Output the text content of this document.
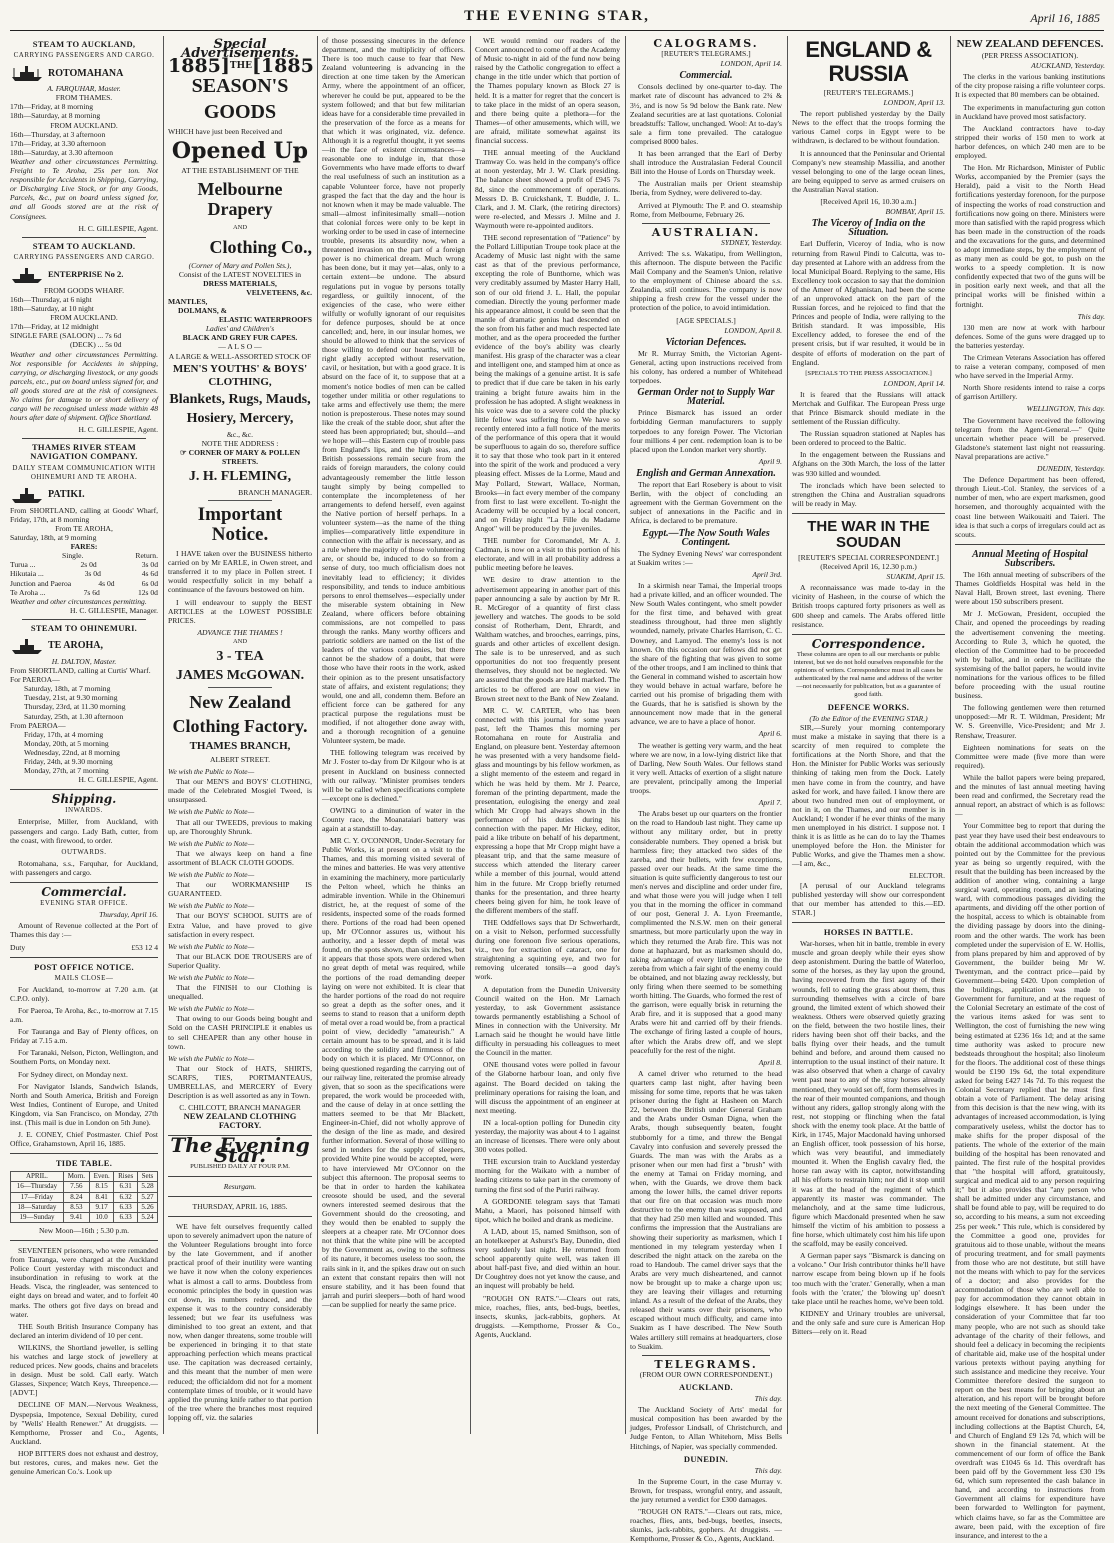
THE EVENING STAR,	April 16, 1885
STEAM TO AUCKLAND,
CARRYING PASSENGERS AND CARGO.
ROTOMAHANA
A. FARQUHAR, Master.
FROM THAMES.
17th—Friday, at 8 morning
18th—Saturday, at 8 morning
FROM AUCKLAND.
16th—Thursday, at 3 afternoon
17th—Friday, at 3.30 afternoon
18th—Saturday, at 3.30 afternoon

Weather and other circumstances Permitting. Freight to Te Aroha, 25s per ton. Not responsible for Accidents in Shipping, Carrying, or Discharging Live Stock, or for any Goods, Parcels, &c., put on board unless signed for, and all Goods stored are at the risk of Consignees.

H. C. GILLESPIE, Agent.
STEAM TO AUCKLAND.
CARRYING PASSENGERS AND CARGO.
ENTERPRISE No 2.
FROM GOODS WHARF.
16th—Thursday, at 6 night
18th—Saturday, at 10 night
FROM AUCKLAND.
17th—Friday, at 12 midnight
SINGLE FARE (SALOON) ... 7s 6d
(DECK) ... 5s 0d

Weather and other circumstances Permitting. Not responsible for Accidents in shipping, carrying, or discharging livestock, or any goods parcels, etc., put on board unless signed for, and all goods stored are at the risk of consignees. No claims for damage to or short delivery of cargo will be recognised unless made within 48 hours after date of shipment. Office Shortland.

H. C. GILLESPIE, Agent.
THAMES RIVER STEAM NAVIGATION COMPANY.
DAILY STEAM COMMUNICATION WITH OHINEMURI AND TE AROHA.
PATIKI.
From SHORTLAND, calling at Goods' Wharf, Friday, 17th, at 8 morning
From TE AROHA,
Saturday, 18th, at 9 morning
FARES:
Single.	Return.
Turua ...	2s 0d	3s 0d
Hikutaia ...	3s 0d	4s 6d
Junction and Paeroa	4s 0d	6s 0d
Te Aroha ...	7s 6d	12s 0d
Weather and other circumstances permitting.
H. C. GILLESPIE, Manager.
STEAM TO OHINEMURI.
TE AROHA,
H. DALTON, Master.
From SHORTLAND, calling at Curtis' Wharf.
For PAEROA—
Saturday, 18th, at 7 morning
Tuesday, 21st, at 9.30 morning
Thursday, 23rd, at 11.30 morning
Saturday, 25th, at 1.30 afternoon
From PAEROA—
Friday, 17th, at 4 morning
Monday, 20th, at 5 morning
Wednesday, 22nd, at 8 morning
Friday, 24th, at 9.30 morning
Monday, 27th, at 7 morning
H. C. GILLESPIE, Agent.
Shipping.
INWARDS.

Enterprise, Miller, from Auckland, with passengers and cargo. Lady Bath, cutter, from the coast, with firewood, to order.

OUTWARDS.

Rotomahana, s.s., Farquhar, for Auckland, with passengers and cargo.

Commercial.
EVENING STAR OFFICE.
Thursday, April 16.

Amount of Revenue collected at the Port of Thames this day :—

Duty	£53 12 4
POST OFFICE NOTICE.
MAILS CLOSE—

For Auckland, to-morrow at 7.20 a.m. (at C.P.O. only).

For Paeroa, Te Aroha, &c., to-morrow at 7.15 a.m.

For Tauranga and Bay of Plenty offices, on Friday at 7.15 a.m.

For Taranaki, Nelson, Picton, Wellington, and Southern Ports, on Monday next.

For Sydney direct, on Monday next.

For Navigator Islands, Sandwich Islands, North and South America, British and Foreign West Indies, Continent of Europe, and United Kingdom, via San Francisco, on Monday, 27th inst. (This mail is due in London on 5th June).

J. E. CONEY, Chief Postmaster. Chief Post Office, Grahamstown, April 16, 1885.

TIDE TABLE.
APRIL.	Morn.	Even.	Rises	Sets
16—Thursday	7.56	8.15	6.31	5.28
17—Friday	8.24	8.41	6.32	5.27
18—Saturday	8.53	9.17	6.33	5.26
19—Sunday	9.41	10.0	6.33	5.24
New Moon—16th ; 5.30 p.m.

SEVENTEEN prisoners, who were remanded from Tauranga, were charged at the Auckland Police Court yesterday with misconduct and insubordination in refusing to work at the Heads. Visca, the ringleader, was sentenced to eight days on bread and water, and to forfeit 40 marks. The others got five days on bread and water.

THE South British Insurance Company has declared an interim dividend of 10 per cent.

WILKINS, the Shortland jeweller, is selling his watches and large stock of jewellery at reduced prices. New goods, chains and bracelets in design. Must be sold. Call early. Watch Glasses, Sixpence; Watch Keys, Threepence.—[ADVT.]

DECLINE OF MAN.—Nervous Weakness, Dyspepsia, Impotence, Sexual Debility, cured by "Wells' Health Renewer." At druggists. —Kempthorne, Prosser and Co., Agents, Auckland.

HOP BITTERS does not exhaust and destroy, but restores, cures, and makes new. Get the genuine American Co.'s. Look up

Special Advertisements.
1885] THE [1885
SEASON'S GOODS
WHICH have just been Received and
Opened Up
AT THE ESTABLISHMENT OF THE
Melbourne Drapery
AND
Clothing Co.,
(Corner of Mary and Pollen Sts.),
Consist of the LATEST NOVELTIES in
DRESS MATERIALS,
VELVETEENS, &c.
MANTLES,
DOLMANS, &
ELASTIC WATERPROOFS
Ladies' and Children's
BLACK AND GREY FUR CAPES.
— A L S O —
A LARGE & WELL-ASSORTED STOCK OF
MEN'S YOUTHS' & BOYS' CLOTHING,
Blankets, Rugs, Mauds,
Hosiery, Mercery,
&c., &c.
NOTE THE ADDRESS :
☞ CORNER OF MARY & POLLEN STREETS.
J. H. FLEMING,
BRANCH MANAGER.
Important Notice.

I HAVE taken over the BUSINESS hitherto carried on by Mr EARLE, in Owen street, and transferred it to my place in Pollen street. I would respectfully solicit in my behalf a continuance of the favours bestowed on him.

I will endeavour to supply the BEST ARTICLES at the LOWEST POSSIBLE PRICES.

ADVANCE THE THAMES !
AND
3 - TEA
JAMES McGOWAN.
New Zealand
Clothing Factory.
THAMES BRANCH,
ALBERT STREET.
We wish the Public to Note—

That our MEN'S and BOYS' CLOTHING, made of the Celebrated Mosgiel Tweed, is unsurpassed.

We wish the Public to Note—

That all our TWEEDS, previous to making up, are Thoroughly Shrunk.

We wish the Public to Note—

That we always keep on hand a fine assortment of BLACK CLOTH GOODS.

We wish the Public to Note—

That our WORKMANSHIP IS GUARANTEED.

We wish the Public to Note—

That our BOYS' SCHOOL SUITS are of Extra Value, and have proved to give satisfaction in every respect.

We wish the Public to Note—

That our BLACK DOE TROUSERS are of Superior Quality.

We wish the Public to Note—

That the FINISH to our Clothing is unequalled.

We wish the Public to Note—

That owing to our Goods being bought and Sold on the CASH PRINCIPLE it enables us to sell CHEAPER than any other house in town.

We wish the Public to Note—

That our Stock of HATS, SHIRTS, SCARFS, TIES, PORTMANTEAUS, UMBRELLAS, and MERCERY of Every Description is as well assorted as any in Town.

C. CHILCOTT, BRANCH MANAGER
NEW ZEALAND CLOTHING FACTORY.
The Evening Star.
PUBLISHED DAILY AT FOUR P.M.
Resurgam.
THURSDAY, APRIL 16, 1885.

WE have felt ourselves frequently called upon to severely animadvert upon the nature of the Volunteer Regulations brought into force by the late Government, and if another practical proof of their inutility were wanting we have it now when the colony experiences what is almost a call to arms. Doubtless from economic principles the body in question was cut down, its numbers reduced, and the expense it was to the country considerably lessened; but we fear its usefulness was diminished to too great an extent, and that now, when danger threatens, some trouble will be experienced in bringing it to that state approaching perfection which means practical use. The capitation was decreased certainly, and this meant that the number of men were reduced; the officialdom did not for a moment contemplate times of trouble, or it would have applied the pruning knife rather to that portion of the tree where the branches most required lopping off, viz. the salaries

of those possessing sinecures in the defence department, and the multiplicity of officers. There is too much cause to fear that New Zealand volunteering is advancing in the direction at one time taken by the American Army, where the appointment of an officer, wherever he could be put, appeared to be the system followed; and that but few militarian ideas have for a considerable time prevailed in the preservation of the force as a means for that which it was originated, viz. defence. Although it is a regretful thought, it yet seems—in the face of existent circumstances—a reasonable one to indulge in, that those Governments who have made efforts to dwarf the real usefulness of such an institution as a capable Volunteer force, have not properly grasped the fact that the day and the hour is not known when it may be made valuable. The small—almost infinitesimally small—notion that colonial forces were only to be kept in working order to be used in case of internecine trouble, presents its absurdity now, when a threatened invasion on the part of a foreign power is no chimerical dream. Much wrong has been done, but it may yet—alas, only to a certain extent—be undone. The absurd regulations put in vogue by persons totally regardless, or guiltily innocent, of the exigencies of the case, who were either wilfully or wofully ignorant of our requisites for defence purposes, should be at once cancelled; and, here, in our insular homes, we should be allowed to think that the services of those willing to defend our hearths, will be right gladly accepted without reservation, cavil, or hesitation, but with a good grace. It is absurd on the face of it, to suppose that at a moment's notice bodies of men can be called together under militia or other regulations to take arms and effectively use them; the mere notion is preposterous. These notes may sound like the creak of the stable door, shut after the steed has been appropriated; but, should—and we hope will—this Eastern cup of trouble pass from England's lips, and the high seas, and British possessions remain secure from the raids of foreign marauders, the colony could advantageously remember the little lesson taught simply by being compelled to contemplate the incompleteness of her arrangements to defend herself, even against the Native portion of herself perhaps. In a volunteer system—as the name of the thing implies—comparatively little expenditure in connection with the affair is necessary, and as a rule where the majority of those volunteering are, or should be, induced to do so from a sense of duty, too much officialism does not inevitably lead to efficiency; it divides responsibility, and tends to induce ambitious persons to enrol themselves—especially under the miserable system obtaining in New Zealand, where officers before obtaining commissions, are not compelled to pass through the ranks. Many worthy officers and patriotic soldiers are named on the list of the leaders of the various companies, but there cannot be the shadow of a doubt, that were those who have their roots in the work, asked their opinion as to the present unsatisfactory state of affairs, and existent regulations; they would, one and all, condemn them. Before an efficient force can be gathered for any practical purpose the regulations must be modified, if not altogether done away with, and a thorough recognition of a genuine Volunteer system, be made.

THE following telegram was received by Mr J. Foster to-day from Dr Kilgour who is at present in Auckland on business connected with our railway. "Minister promises tenders will be be called when specifications complete—except one is declined."

OWING to a diminution of water in the County race, the Moanataiari battery was again at a standstill to-day.

MR C. Y. O'CONNOR, Under-Secretary for Public Works, is at present on a visit to the Thames, and this morning visited several of the mines and batteries. He was very attentive in examining the machinery, more particularly the Pelton wheel, which he thinks an admirable invention. While in the Ohinemuri district, he, at the request of some of the residents, inspected some of the roads formed there. Portions of the road had been opened up, Mr O'Connor assures us, without his authority, and a lesser depth of metal was found, on the spots shown, than six inches, but it appears that those spots were ordered when no great depth of metal was required, while the portions of the road demanding deeper laying on were not exhibited. It is clear that the harder portions of the road do not require so great a depth as the softer ones, and it seems to stand to reason that a uniform depth of metal over a road would be, from a practical point of view, decidedly "amateurish." A certain amount has to be spread, and it is laid according to the solidity and firmness of the body on which it is placed. Mr O'Connor, on being questioned regarding the carrying out of our railway line, reiterated the promise already given, that so soon as the specifications were prepared, the work would be proceeded with, and the cause of delay in at once settling the matters seemed to be that Mr Blackett, Engineer-in-Chief, did not wholly approve of the design of the line as made, and desired further information. Several of those willing to send in tenders for the supply of sleepers, provided White pine would be accepted, were to have interviewed Mr O'Connor on the subject this afternoon. The proposal seems to be that in order to harden the kahikatea creosote should be used, and the several owners interested seemed desirous that the Government should do the creosoting, and they would then be enabled to supply the sleepers at a cheaper rate. Mr O'Connor does not think that the white pine will be accepted by the Government as, owing to the softness of its nature, it becomes useless too soon, the rails sink in it, and the spikes draw out on such an extent that constant repairs then will not ensure stability, and it has been found that jarrah and puriri sleepers—both of hard wood—can be supplied for nearly the same price.

WE would remind our readers of the Concert announced to come off at the Academy of Music to-night in aid of the fund now being raised by the Catholic congregation to effect a change in the title under which that portion of the Thames populary known as Block 27 is held. It is a matter for regret that the concert is to take place in the midst of an opera season, and there being quite a plethora—for the Thames—of other amusements, which will, we are afraid, militate somewhat against its financial success.

THE annual meeting of the Auckland Tramway Co. was held in the company's office at noon yesterday, Mr J. W. Clark presiding. The balance sheet showed a profit of £945 7s 8d, since the commencement of operations. Messrs D. B. Cruickshank, T. Buddle, J. L. Clark, and J. M. Clark, (the retiring directors) were re-elected, and Messrs J. Milne and J. Waymouth were re-appointed auditors.

THE second representation of "Patience" by the Pollard Lilliputian Troupe took place at the Academy of Music last night with the same cast as that of the previous performance, excepting the role of Bunthorne, which was very creditably assumed by Master Harry Hall, son of our old friend J. L. Hall, the popular comedian. Directly the young performer made his appearance almost, it could be seen that the mantle of dramatic genius had descended on the son from his father and much respected late mother, and as the opera proceeded the further evidence of the boy's ability was clearly manifest. His grasp of the character was a clear and intelligent one, and stamped him at once as being the makings of a genuine artist. It is safe to predict that if due care be taken in his early training a bright future awaits him in the profession he has adopted. A slight weakness in his voice was due to a severe cold the plucky little fellow was suffering from. We have so recently entered into a full notice of the merits of the performance of this opera that it would be superfluous to again do so, therefore suffice it to say that those who took part in it entered into the spirit of the work and produced a very pleasing effect. Misses de la Lorme, Maud and May Pollard, Stewart, Wallace, Norman, Brooks—in fact every member of the company from first to last were excellent. To-night the Academy will be occupied by a local concert, and on Friday night "La Fille du Madame Angot" will be produced by the juveniles.

THE number for Coromandel, Mr A. J. Cadman, is now on a visit to this portion of his electorate, and will in all probability address a public meeting before he leaves.

WE desire to draw attention to the advertisement appearing in another part of this paper announcing a sale by auction by Mr R. R. McGregor of a quantity of first class jewellery and watches. The goods to be sold consist of Rotherham, Dent, Ehrardt, and Waltham watches, and brooches, earrings, pins, guards and other articles of excellent design. The sale is to be unreserved, and as such opportunities do not too frequently present themselves, they should not be neglected. We are assured that the goods are Hall marked. The articles to be offered are now on view in Brown street next to the Bank of New Zealand.

MR C. W. CARTER, who has been connected with this journal for some years past, left the Thames this morning per Rotomahana en route for Australia and England, on pleasure bent. Yesterday afternoon he was presented with a very handsome field-glass and mountings by his fellow workmen, as a slight memento of the esteem and regard in which he was held by them. Mr J. Pearce, foreman of the printing department, made the presentation, eulogising the energy and zeal which Mr Cropp had always shown in the performance of his duties during his connection with the paper. Mr Hickey, editor, paid a like tribute on behalf of his department, expressing a hope that Mr Cropp might have a pleasant trip, and that the same measure of success which attended the literary career while a member of this journal, would attend him in the future. Mr Cropp briefly returned thanks for the presentation, and three hearty cheers being given for him, he took leave of the different members of the staff.

THE Oddfellows says that Dr Schwerhardt, on a visit to Nelson, performed successfully during one forenoon five serious operations, viz., two for extraction of cataract, one for straightening a squinting eye, and two for removing ulcerated tonsils—a good day's work.

A deputation from the Dunedin University Council waited on the Hon. Mr Larnach yesterday, to ask Government assistance towards permanently establishing a School of Mines in connection with the University. Mr Larnach said he thought he would have little difficulty in persuading his colleagues to meet the Council in the matter.

ONE thousand votes were polled in favour of the Glaborne harbour loan, and only five against. The Board decided on taking the preliminary operations for raising the loan, and will discuss the appointment of an engineer at next meeting.

IN a local-option polling for Dunedin city yesterday, the majority was about 4 to 1 against an increase of licenses. There were only about 300 votes polled.

THE excursion train to Auckland yesterday morning for the Waikato with a number of leading citizens to take part in the ceremony of turning the first sod of the Puriri railway.

A GORDONIE telegram says that Tamati Mahu, a Maori, has poisoned himself with tipot, which he boiled and drank as medicine.

A LAD, about 15, named Smithson, son of an hotelkeeper at Ashurst's Bay, Dunedin, died very suddenly last night. He returned from school apparently quite well, was taken ill about half-past five, and died within an hour. Dr Coughtrey does not yet know the cause, and an inquest will probably be held.

"ROUGH ON RATS."—Clears out rats, mice, roaches, flies, ants, bed-bugs, beetles, insects, skunks, jack-rabbits, gophers. At druggists. —Kempthorne, Prosser & Co., Agents, Auckland.

CALOGRAMS.
[REUTER'S TELEGRAMS.]
LONDON, April 14.
Commercial.

Consols declined by one-quarter to-day. The market rate of discount has advanced to 2¾ & 3½, and is now 5s 9d below the Bank rate. New Zealand securities are at last quotations. Colonial breadstuffs: Tallow, unchanged. Wool: At to-day's sale a firm tone prevailed. The catalogue comprised 8000 bales.

It has been arranged that the Earl of Derby shall introduce the Australasian Federal Council Bill into the House of Lords on Thursday week.

The Australian mails per Orient steamship Iberia, from Sydney, were delivered to-day.

Arrived at Plymouth: The P. and O. steamship Rome, from Melbourne, February 26.

AUSTRALIAN.
SYDNEY, Yesterday.

Arrived: The s.s. Wakatipu, from Wellington, this afternoon. The dispute between the Pacific Mail Company and the Seamen's Union, relative to the employment of Chinese aboard the s.s. Zealandia, still continues. The company is now shipping a fresh crew for the vessel under the protection of the police, to avoid intimidation.

[AGE SPECIALS.]
LONDON, April 8.
Victorian Defences.

Mr R. Murray Smith, the Victorian Agent-General, acting upon instructions received from his colony, has ordered a number of Whitehead torpedoes.

German Order not to Supply War Material.

Prince Bismarck has issued an order forbidding German manufacturers to supply torpedoes to any foreign Power. The Victorian four millions 4 per cent. redemption loan is to be placed upon the London market very shortly.

April 9.
English and German Annexation.

The report that Earl Rosebery is about to visit Berlin, with the object of concluding an agreement with the German Government on the subject of annexations in the Pacific and in Africa, is declared to be premature.

Egypt.—The Now South Wales Contingent.

The Sydney Evening News' war correspondent at Suakim writes :—

April 3rd.

In a skirmish near Tamai, the Imperial troops had a private killed, and an officer wounded. The New South Wales contingent, who smelt powder for the first time, and behaved with great steadiness throughout, had three men slightly wounded, namely, private Charles Harrison, C. C. Downey, and Lamyod. The enemy's loss is not known. On this occasion our fellows did not get the share of the fighting that was given to some of the other troops, and I am inclined to think that the General in command wished to ascertain how they would behave in actual warfare, before he carried out his promise of brigading them with the Guards, that he is satisfied is shown by the announcement now made that in the general advance, we are to have a place of honor.

April 6.

The weather is getting very warm, and the heat where we are now, in a low-lying district like that of Darling, New South Wales. Our fellows stand it very well. Attacks of exertion of a slight nature are prevalent, principally among the Imperial troops.

April 7.

The Arabs beset up our quarters on the frontier on the road to Handoub last night. They came up without any military order, but in pretty considerable numbers. They opened a brisk but harmless fire; they attacked two sides of the zareba, and their bullets, with few exceptions, passed over our heads. At the same time the situation is quite sufficiently dangerous to test our men's nerves and discipline and order under fire, and what those were you will judge when I tell you that in the morning the officer in command of our post, General J. A. Lyon Freemantle, complimented the N.S.W. men on their general smartness, but more particularly upon the way in which they returned the Arab fire. This was not done at haphazard, but as marksmen should do, taking advantage of every little opening in the zereba from which a fair sight of the enemy could be obtained, and not blazing away recklessly, but only firing when there seemed to be something worth hitting. The Guards, who formed the rest of the garrison, were equally brisk in returning the Arab fire, and it is supposed that a good many Arabs were hit and carried off by their friends. The exchange of firing lasted a couple of hours, after which the Arabs drew off, and we slept peacefully for the rest of the night.

April 8.

A camel driver who returned to the head quarters camp last night, after having been missing for some time, reports that he was taken prisoner during the fight at Hasheen on March 22, between the British under General Graham and the Arabs under Osman Digna, when the Arabs, though subsequently beaten, fought stubbornly for a time, and threw the Bengal Cavalry into confusion and severely pressed the Guards. The man was with the Arabs as a prisoner when our men had first a "brush" with the enemy at Tamai on Friday morning, and when, with the Guards, we drove them back among the lower hills, the camel driver reports that our fire on that occasion was much more destructive to the enemy than was supposed, and that they had 250 men killed and wounded. This confirms the impression that the Australians are showing their superiority as marksmen, which I mentioned in my telegram yesterday when I described the night attack on the zareba on the road to Handoub. The camel driver says that the Arabs are very much disheartened, and cannot now be brought up to make a charge upon us; they are leaving their villages and returning inland. As a result of the defeat of the Arabs, they released their wants over their prisoners, who escaped without much difficulty, and came into Suakim as I have described. The New South Wales artillery still remains at headquarters, close to Suakim.

TELEGRAMS.
(FROM OUR OWN CORRESPONDENT.)
AUCKLAND.
This day.

The Auckland Society of Arts' medal for musical composition has been awarded by the judges, Professor Lindsall, of Christchurch, and Judge Fenton, to Allan Whitehorn, Miss Bells Hitchings, of Napier, was specially commended.

DUNEDIN.
This day.

In the Supreme Court, in the case Murray v. Brown, for trespass, wrongful entry, and assault, the jury returned a verdict for £300 damages.

"ROUGH ON RATS."—Clears out rats, mice, roaches, flies, ants, bed-bugs, beetles, insects, skunks, jack-rabbits, gophers. At druggists. —Kempthorne, Prosser & Co., Agents, Auckland.

ENGLAND & RUSSIA
[REUTER'S TELEGRAMS.]
LONDON, April 13.

The report published yesterday by the Daily News to the effect that the troops forming the various Camel corps in Egypt were to be withdrawn, is declared to be without foundation.

It is announced that the Peninsular and Oriental Company's new steamship Massilia, and another vessel belonging to one of the large ocean lines, are being equipped to serve as armed cruisers on the Australian Naval station.

[Received April 16, 10.30 a.m.]
BOMBAY, April 15.
The Viceroy of India on the Situation.

Earl Dufferin, Viceroy of India, who is now returning from Rawul Pindi to Calcutta, was to-day presented at Lahore with an address from the local Municipal Board. Replying to the same, His Excellency took occasion to say that the dominion of the Ameer of Afghanistan, had been the scene of an unprovoked attack on the part of the Russian forces, and he rejoiced to find that the Princes and people of India, were rallying to the British standard. It was impossible, His Excellency added, to foresee the end of the present crisis, but if war resulted, it would be in despite of efforts of moderation on the part of England.

[SPECIALS TO THE PRESS ASSOCIATION.]
LONDON, April 14.

It is feared that the Russians will attack Mertchak and Gulfikar. The European Press urge that Prince Bismarck should mediate in the settlement of the Russian difficulty.

The Russian squadron stationed at Naples has been ordered to proceed to the Baltic.

In the engagement between the Russians and Afghans on the 30th March, the loss of the latter was 930 killed and wounded.

The ironclads which have been selected to strengthen the China and Australian squadrons will be ready in May.

THE WAR IN THE SOUDAN
[REUTER'S SPECIAL CORRESPONDENT.]
(Received April 16, 12.30 p.m.)
SUAKIM, April 15.

A reconnaissance was made to-day in the vicinity of Hasheen, in the course of which the British troops captured forty prisoners as well as 600 sheep and camels. The Arabs offered little resistance.

Correspondence.

These columns are open to all our merchants or public interest, but we do not hold ourselves responsible for the opinions of writers. Correspondence must in all cases be authenticated by the real name and address of the writer—not necessarily for publication, but as a guarantee of good faith.

DEFENCE WORKS.
(To the Editor of the EVENING STAR.)

SIR,—Surely your morning contemporary must make a mistake in saying that there is a scarcity of men required to complete the fortifications at the North Shore, and that the Hon. the Minister for Public Works was seriously thinking of taking men from the Dock. Lately men have come in from the country, and have asked for work, and have failed. I know there are about two hundred men out of employment, or not in it, on the Thames, and our member is in Auckland; I wonder if he ever thinks of the many men unemployed in his district. I suppose not. I think it is as little as he can do to lay the Thames unemployed before the Hon. the Minister for Public Works, and give the Thames men a show.—I am, &c.,

ELECTOR.

[A perusal of our Auckland telegrams published yesterday will show our correspondent that our member has attended to this.—ED. STAR.]

HORSES IN BATTLE.

War-horses, when hit in battle, tremble in every muscle and groan deeply while their eyes show deep astonishment. During the battle of Waterloo, some of the horses, as they lay upon the ground, having recovered from the first agony of their wounds, fell to eating the grass about them, thus surrounding themselves with a circle of bare ground, the limited extent of which showed their weakness. Others were observed quietly grazing on the field, between the two hostile lines, their riders having been shot off their backs, and the balls flying over their heads, and the tumult behind and before, and around them caused no interruption to the usual instinct of their nature. It was also observed that when a charge of cavalry went past near to any of the stray horses already mentioned, they would set off, form themselves in the rear of their mounted companions, and though without any riders, gallop strongly along with the rest, not stopping or flinching when the fatal shock with the enemy took place. At the battle of Kirk, in 1745, Major Macdonald having unhorsed an English officer, took possession of his horse, which was very beautiful, and immediately mounted it. When the English cavalry fled, the horse ran away with its captor, notwithstanding all his efforts to restrain him; nor did it stop until it was at the head of the regiment of which apparently its master was commander. The melancholy, and at the same time ludicrous, figure which Macdonald presented when he saw himself the victim of his ambition to possess a fine horse, which ultimately cost him his life upon the scaffold, may be easily conceived.

A German paper says "Bismarck is dancing on a volcano." Our Irish contributor thinks he'll have narrow escape from being blown up if he fools too much with the 'crater.' Generally, when a man fools with the 'crater,' the 'blowing up' doesn't take place until he reaches home, we've been told.

KIDNEY and Urinary troubles are universal, and the only safe and sure cure is American Hop Bitters—rely on it. Read

NEW ZEALAND DEFENCES.
(PER PRESS ASSOCIATION).
AUCKLAND, Yesterday.

The clerks in the various banking institutions of the city propose raising a rifle volunteer corps. It is expected that 80 members can be obtained.

The experiments in manufacturing gun cotton in Auckland have proved most satisfactory.

The Auckland contractors have to-day stripped their works of 150 men to work at harbor defences, on which 240 men are to be employed.

The Hon. Mr Richardson, Minister of Public Works, accompanied by the Premier (says the Herald), paid a visit to the North Head fortifications yesterday forenoon, for the purpose of inspecting the works of road construction and fortifications now going on there. Ministers were more than satisfied with the rapid progress which has been made in the construction of the roads and the excavations for the guns, and determined to adopt immediate steps, by the employment of as many men as could be got, to push on the works to a speedy completion. It is now confidently expected that two of the guns will be in position early next week, and that all the principal works will be finished within a fortnight.

This day.

130 men are now at work with harbour defences. Some of the guns were dragged up to the batteries yesterday.

The Crimean Veterans Association has offered to raise a veteran company, composed of men who have served in the Imperial Army.

North Shore residents intend to raise a corps of garrison Artillery.

WELLINGTON, This day.

The Government have received the following telegram from the Agent-General.—" Quite uncertain whether peace will be preserved. Gladstone's statement last night not reassuring. Naval preparations are active."

DUNEDIN, Yesterday.

The Defence Department has been offered, through Lieut.-Col. Stanley, the services of a number of men, who are expert marksmen, good horsemen, and thoroughly acquainted with the coast line between Waikouaiti and Taieri. The idea is that such a corps of irregulars could act as scouts.

Annual Meeting of Hospital Subscribers.

The 16th annual meeting of subscribers of the Thames Goldfields Hospital was held in the Naval Hall, Brown street, last evening. There were about 150 subscribers present.

Mr J. McGowan, President, occupied the Chair, and opened the proceedings by reading the advertisement convening the meeting. According to Rule 3, which he quoted, the election of the Committee had to be proceeded with by ballot, and in order to facilitate the systemising of the ballot papers, he would invite nominations for the various offices to be filled before proceeding with the usual routine business.

The following gentlemen were then returned unopposed:—Mr R. T. Wildman, President; Mr W. S. Greenville, Vice-President; and Mr J. Renshaw, Treasurer.

Eighteen nominations for seats on the Committee were made (five more than were required).

While the ballot papers were being prepared, and the minutes of last annual meeting having been read and confirmed, the Secretary read the annual report, an abstract of which is as follows:—

Your Committee beg to report that during the past year they have used their best endeavours to obtain the additional accommodation which was pointed out by the Committee for the previous year as being so urgently required, with the result that the building has been increased by the addition of another wing, containing a large surgical ward, operating room, and an isolating ward, with commodious passages dividing the apartments, and dividing off the other portion of the hospital, access to which is obtainable from the dividing passage by doors into the dining-room and the other wards. The work has been completed under the supervision of E. W. Hollis, from plans prepared by him and approved of by Government, the builder being Mr W. Twentyman, and the contract price—paid by Government—being £420. Upon completion of the buildings, application was made to Government for furniture, and at the request of the Colonial Secretary an estimate of the cost of the various items asked for was sent to Wellington, the cost of furnishing the new wing being estimated at £236 16s 1d; and at the same time authority was asked to procure new bedsteads throughout the hospital; also linoleum for the floors. The additional cost of these things would be £190 19s 6d, the total expenditure asked for being £427 14s 7d. To this request the Colonial Secretary replied that he must first obtain a vote of Parliament. The delay arising from this decision is that the new wing, with its advantages of increased accommodation, is lying comparatively useless, whilst the doctor has to make shifts for the proper disposal of the patients. The whole of the exterior of the main building of the hospital has been renovated and painted. The first rule of the hospital provides that "the hospital will afford, gratuitously, surgical and medical aid to any person requiring it;" but it also provides that "any person who shall be admitted under any circumstance, and shall be found able to pay, will be required to do so, according to his means, a sum not exceeding 25s per week." This rule, which is considered by the Committee a good one, provides for gratuitous aid to those unable, without the means of procuring treatment, and for small payments from those who are not destitute, but still have not the means with which to pay for the services of a doctor; and also provides for the accommodation of those who are well able to pay for accommodation they cannot obtain in lodgings elsewhere. It has been under the consideration of your Committee that far too many people, who are not such as should take advantage of the charity of their fellows, and should feel a delicacy in becoming the recipients of charitable aid, make use of the hospital under various pretexts without paying anything for such assistance and medicine they receive. Your Committee therefore desired the surgeon to report on the best means for bringing about an alteration, and his report will be brought before the next meeting of the General Committee. The amount received for donations and subscriptions, including collections at the Baptist Church, £4, and Church of England £9 12s 7d, which will be shown in the financial statement. At the commencement of our form of office the Bank overdraft was £1045 6s 1d. This overdraft has been paid off by the Government less £30 19s 6d, which sum represented the cash balance in hand, and according to instructions from Government all claims for expenditure have been forwarded to Wellington for payment, which claims have, so far as the Committee are aware, been paid, with the exception of fire insurance, and interest to the a
